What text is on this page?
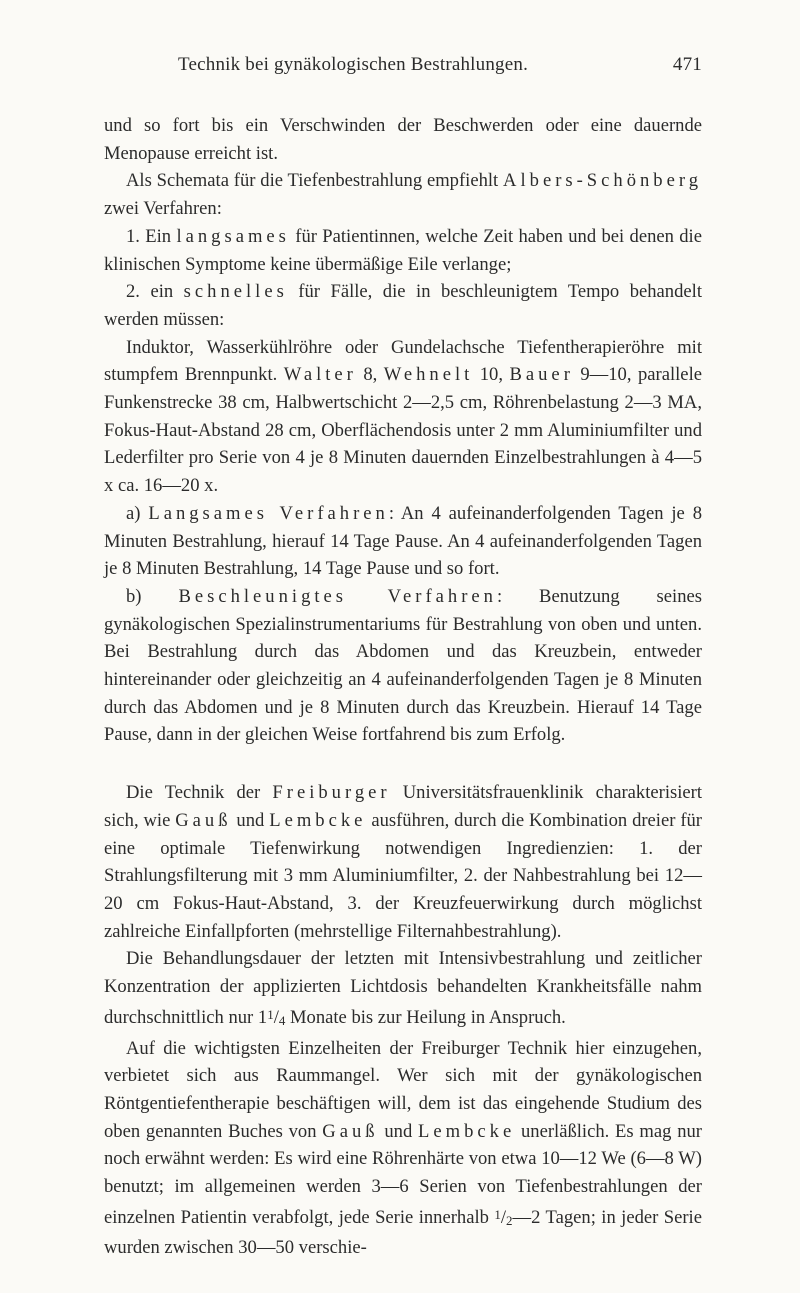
Technik bei gynäkologischen Bestrahlungen.	471

und so fort bis ein Verschwinden der Beschwerden oder eine dauernde Menopause erreicht ist.

Als Schemata für die Tiefenbestrahlung empfiehlt Albers-Schönberg zwei Verfahren:

1. Ein langsames für Patientinnen, welche Zeit haben und bei denen die klinischen Symptome keine übermäßige Eile verlange;

2. ein schnelles für Fälle, die in beschleunigtem Tempo behandelt werden müssen:

Induktor, Wasserkühlröhre oder Gundelachsche Tiefentherapieröhre mit stumpfem Brennpunkt. Walter 8, Wehnelt 10, Bauer 9—10, parallele Funkenstrecke 38 cm, Halbwertschicht 2—2,5 cm, Röhrenbelastung 2—3 MA, Fokus-Haut-Abstand 28 cm, Oberflächendosis unter 2 mm Aluminiumfilter und Lederfilter pro Serie von 4 je 8 Minuten dauernden Einzelbestrahlungen à 4—5 x ca. 16—20 x.

a) Langsames Verfahren: An 4 aufeinanderfolgenden Tagen je 8 Minuten Bestrahlung, hierauf 14 Tage Pause. An 4 aufeinanderfolgenden Tagen je 8 Minuten Bestrahlung, 14 Tage Pause und so fort.

b) Beschleunigtes Verfahren: Benutzung seines gynäkologischen Spezialinstrumentariums für Bestrahlung von oben und unten. Bei Bestrahlung durch das Abdomen und das Kreuzbein, entweder hintereinander oder gleichzeitig an 4 aufeinanderfolgenden Tagen je 8 Minuten durch das Abdomen und je 8 Minuten durch das Kreuzbein. Hierauf 14 Tage Pause, dann in der gleichen Weise fortfahrend bis zum Erfolg.

Die Technik der Freiburger Universitätsfrauenklinik charakterisiert sich, wie Gauß und Lembcke ausführen, durch die Kombination dreier für eine optimale Tiefenwirkung notwendigen Ingredienzien: 1. der Strahlungsfilterung mit 3 mm Aluminiumfilter, 2. der Nahbestrahlung bei 12—20 cm Fokus-Haut-Abstand, 3. der Kreuzfeuerwirkung durch möglichst zahlreiche Einfallpforten (mehrstellige Filternahbestrahlung).

Die Behandlungsdauer der letzten mit Intensivbestrahlung und zeitlicher Konzentration der applizierten Lichtdosis behandelten Krankheitsfälle nahm durchschnittlich nur $1^1/_4$ Monate bis zur Heilung in Anspruch.

Auf die wichtigsten Einzelheiten der Freiburger Technik hier einzugehen, verbietet sich aus Raummangel. Wer sich mit der gynäkologischen Röntgentiefentherapie beschäftigen will, dem ist das eingehende Studium des oben genannten Buches von Gauß und Lembcke unerläßlich. Es mag nur noch erwähnt werden: Es wird eine Röhrenhärte von etwa 10—12 We (6—8 W) benutzt; im allgemeinen werden 3—6 Serien von Tiefenbestrahlungen der einzelnen Patientin verabfolgt, jede Serie innerhalb $^1/_2—2$ Tagen; in jeder Serie wurden zwischen 30—50 verschie-
